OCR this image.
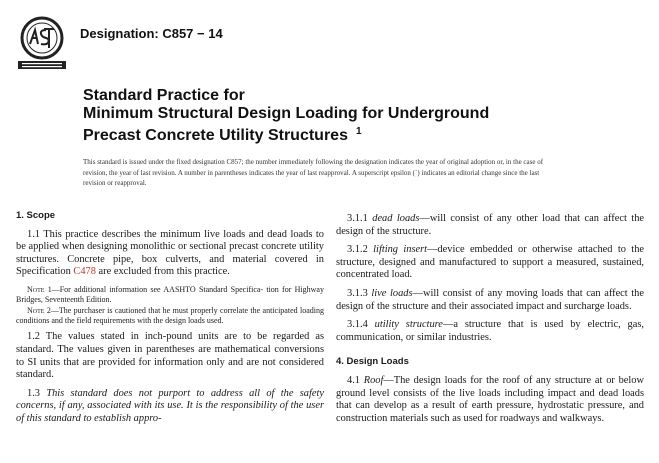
Designation: C857 − 14
Standard Practice for
Minimum Structural Design Loading for Underground
Precast Concrete Utility Structures $^1$
This standard is issued under the fixed designation C857; the number immediately following the designation indicates the year of original adoption or, in the case of revision, the year of last revision. A number in parentheses indicates the year of last reapproval. A superscript epsilon (´) indicates an editorial change since the last revision or reapproval.
1. Scope

1.1 This practice describes the minimum live loads and dead loads to be applied when designing monolithic or sectional precast concrete utility structures. Concrete pipe, box culverts, and material covered in Specification C478 are excluded from this practice.

Note 1—For additional information see AASHTO Standard Specifica- tion for Highway Bridges, Seventeenth Edition.

Note 2—The purchaser is cautioned that he must properly correlate the anticipated loading conditions and the field requirements with the design loads used.

1.2 The values stated in inch-pound units are to be regarded as standard. The values given in parentheses are mathematical conversions to SI units that are provided for information only and are not considered standard.

1.3 This standard does not purport to address all of the safety concerns, if any, associated with its use. It is the responsibility of the user of this standard to establish appro-

3.1.1 dead loads—will consist of any other load that can affect the design of the structure.

3.1.2 lifting insert—device embedded or otherwise attached to the structure, designed and manufactured to support a measured, sustained, concentrated load.

3.1.3 live loads—will consist of any moving loads that can affect the design of the structure and their associated impact and surcharge loads.

3.1.4 utility structure—a structure that is used by electric, gas, communication, or similar industries.

4. Design Loads

4.1 Roof—The design loads for the roof of any structure at or below ground level consists of the live loads including impact and dead loads that can develop as a result of earth pressure, hydrostatic pressure, and construction materials such as used for roadways and walkways.
